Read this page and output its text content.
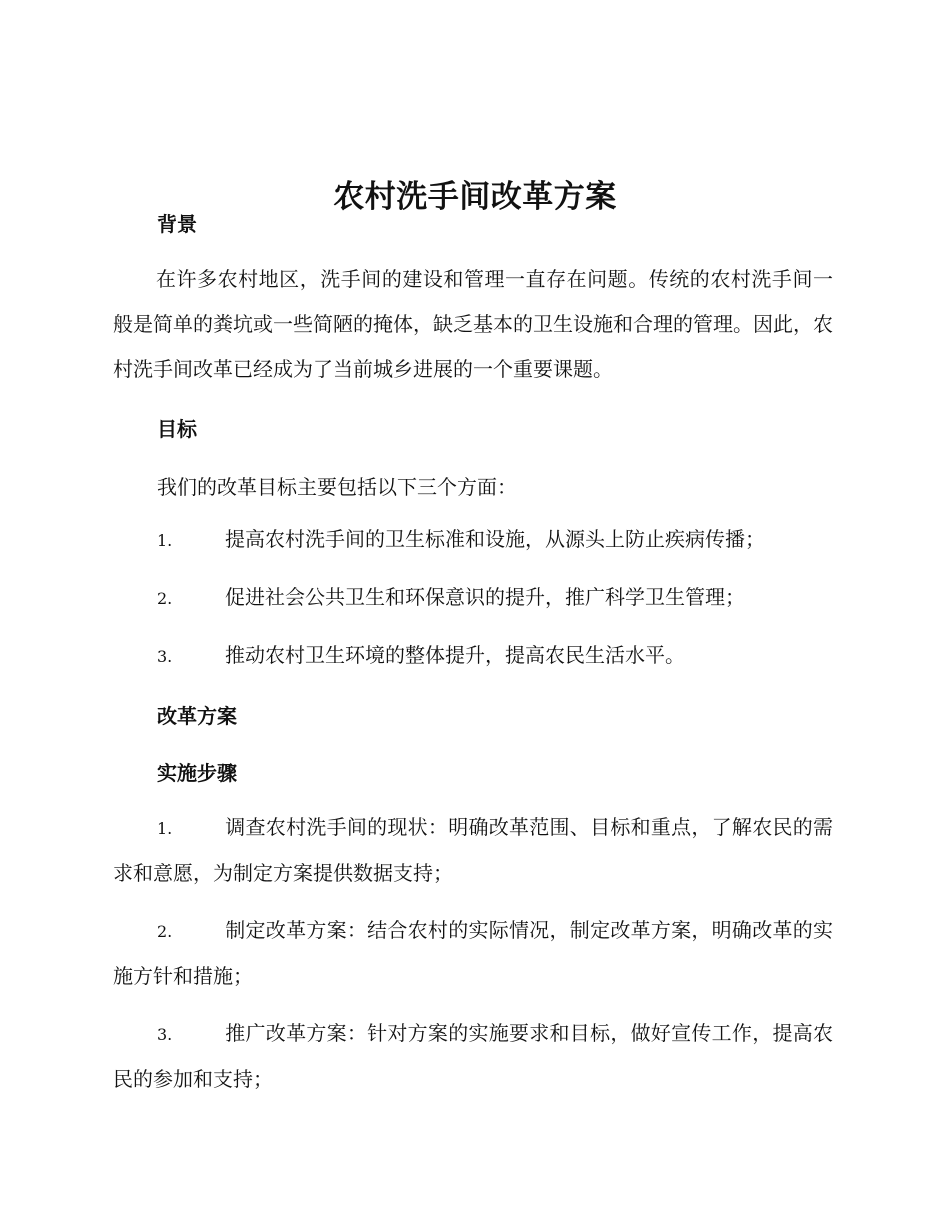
农村洗手间改革方案
背景

在许多农村地区，洗手间的建设和管理一直存在问题。传统的农村洗手间一般是简单的粪坑或一些简陋的掩体，缺乏基本的卫生设施和合理的管理。因此，农村洗手间改革已经成为了当前城乡进展的一个重要课题。

目标

我们的改革目标主要包括以下三个方面：

1.	提高农村洗手间的卫生标准和设施，从源头上防止疾病传播；

2.	促进社会公共卫生和环保意识的提升，推广科学卫生管理；

3.	推动农村卫生环境的整体提升，提高农民生活水平。

改革方案
实施步骤

1.	调查农村洗手间的现状：明确改革范围、目标和重点，了解农民的需求和意愿，为制定方案提供数据支持；

2.	制定改革方案：结合农村的实际情况，制定改革方案，明确改革的实施方针和措施；

3.	推广改革方案：针对方案的实施要求和目标，做好宣传工作，提高农民的参加和支持；
